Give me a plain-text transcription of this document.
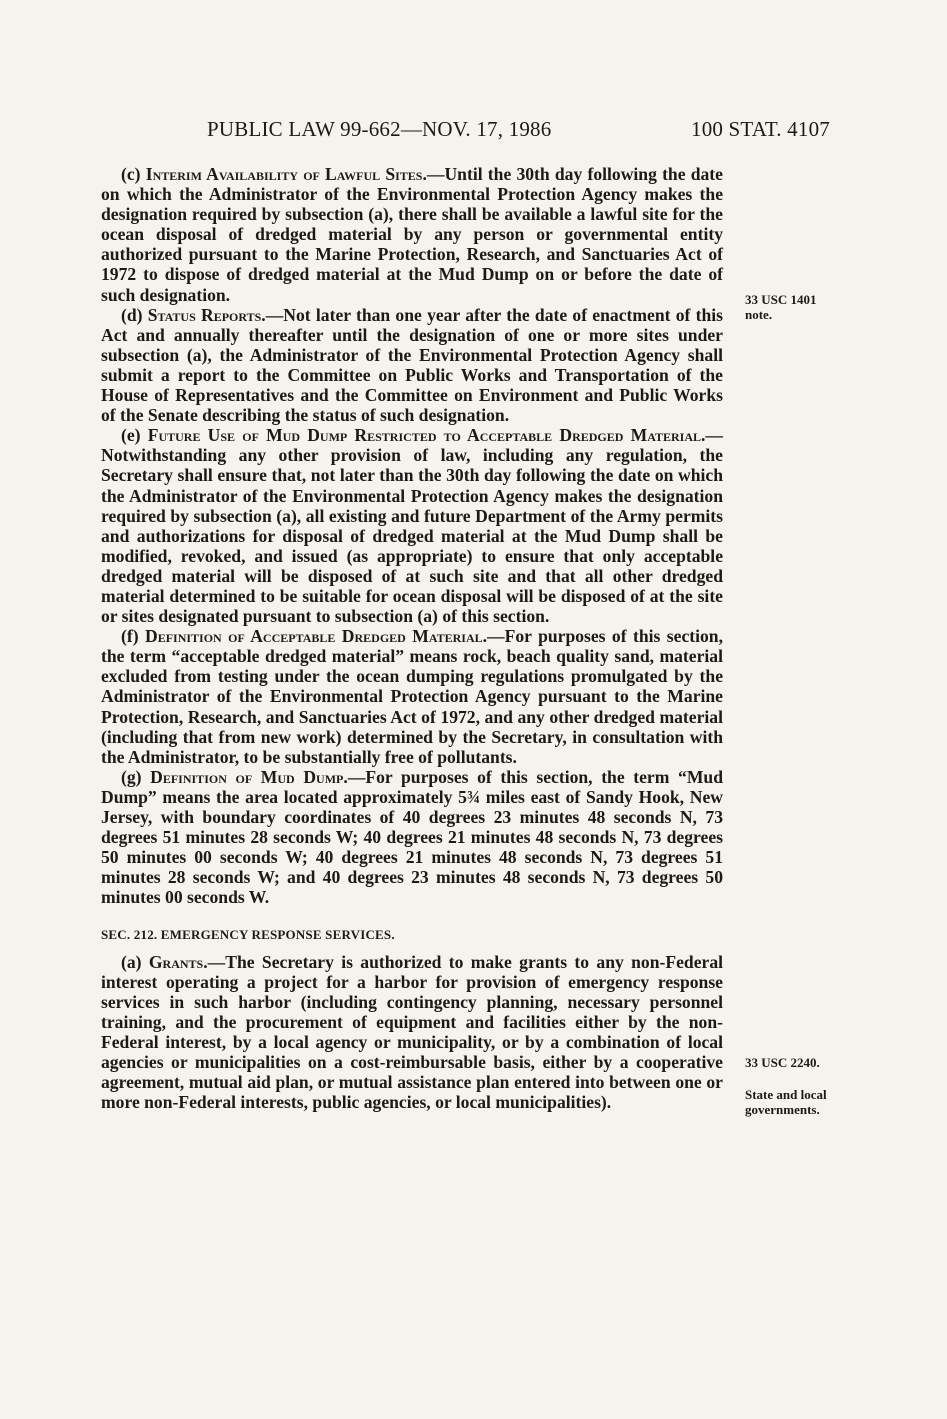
PUBLIC LAW 99-662—NOV. 17, 1986	100 STAT. 4107

(c) Interim Availability of Lawful Sites.—Until the 30th day following the date on which the Administrator of the Environmental Protection Agency makes the designation required by subsection (a), there shall be available a lawful site for the ocean disposal of dredged material by any person or governmental entity authorized pursuant to the Marine Protection, Research, and Sanctuaries Act of 1972 to dispose of dredged material at the Mud Dump on or before the date of such designation.

(d) Status Reports.—Not later than one year after the date of enactment of this Act and annually thereafter until the designation of one or more sites under subsection (a), the Administrator of the Environmental Protection Agency shall submit a report to the Committee on Public Works and Transportation of the House of Representatives and the Committee on Environment and Public Works of the Senate describing the status of such designation.

(e) Future Use of Mud Dump Restricted to Acceptable Dredged Material.—Notwithstanding any other provision of law, including any regulation, the Secretary shall ensure that, not later than the 30th day following the date on which the Administrator of the Environmental Protection Agency makes the designation required by subsection (a), all existing and future Department of the Army permits and authorizations for disposal of dredged material at the Mud Dump shall be modified, revoked, and issued (as appropriate) to ensure that only acceptable dredged material will be disposed of at such site and that all other dredged material determined to be suitable for ocean disposal will be disposed of at the site or sites designated pursuant to subsection (a) of this section.

(f) Definition of Acceptable Dredged Material.—For purposes of this section, the term “acceptable dredged material” means rock, beach quality sand, material excluded from testing under the ocean dumping regulations promulgated by the Administrator of the Environmental Protection Agency pursuant to the Marine Protection, Research, and Sanctuaries Act of 1972, and any other dredged material (including that from new work) determined by the Secretary, in consultation with the Administrator, to be substantially free of pollutants.

(g) Definition of Mud Dump.—For purposes of this section, the term “Mud Dump” means the area located approximately 5¾ miles east of Sandy Hook, New Jersey, with boundary coordinates of 40 degrees 23 minutes 48 seconds N, 73 degrees 51 minutes 28 seconds W; 40 degrees 21 minutes 48 seconds N, 73 degrees 50 minutes 00 seconds W; 40 degrees 21 minutes 48 seconds N, 73 degrees 51 minutes 28 seconds W; and 40 degrees 23 minutes 48 seconds N, 73 degrees 50 minutes 00 seconds W.

SEC. 212. EMERGENCY RESPONSE SERVICES.

(a) Grants.—The Secretary is authorized to make grants to any non-Federal interest operating a project for a harbor for provision of emergency response services in such harbor (including contingency planning, necessary personnel training, and the procurement of equipment and facilities either by the non-Federal interest, by a local agency or municipality, or by a combination of local agencies or municipalities on a cost-reimbursable basis, either by a cooperative agreement, mutual aid plan, or mutual assistance plan entered into between one or more non-Federal interests, public agencies, or local municipalities).

33 USC 1401
note.
33 USC 2240.
State and local
governments.
